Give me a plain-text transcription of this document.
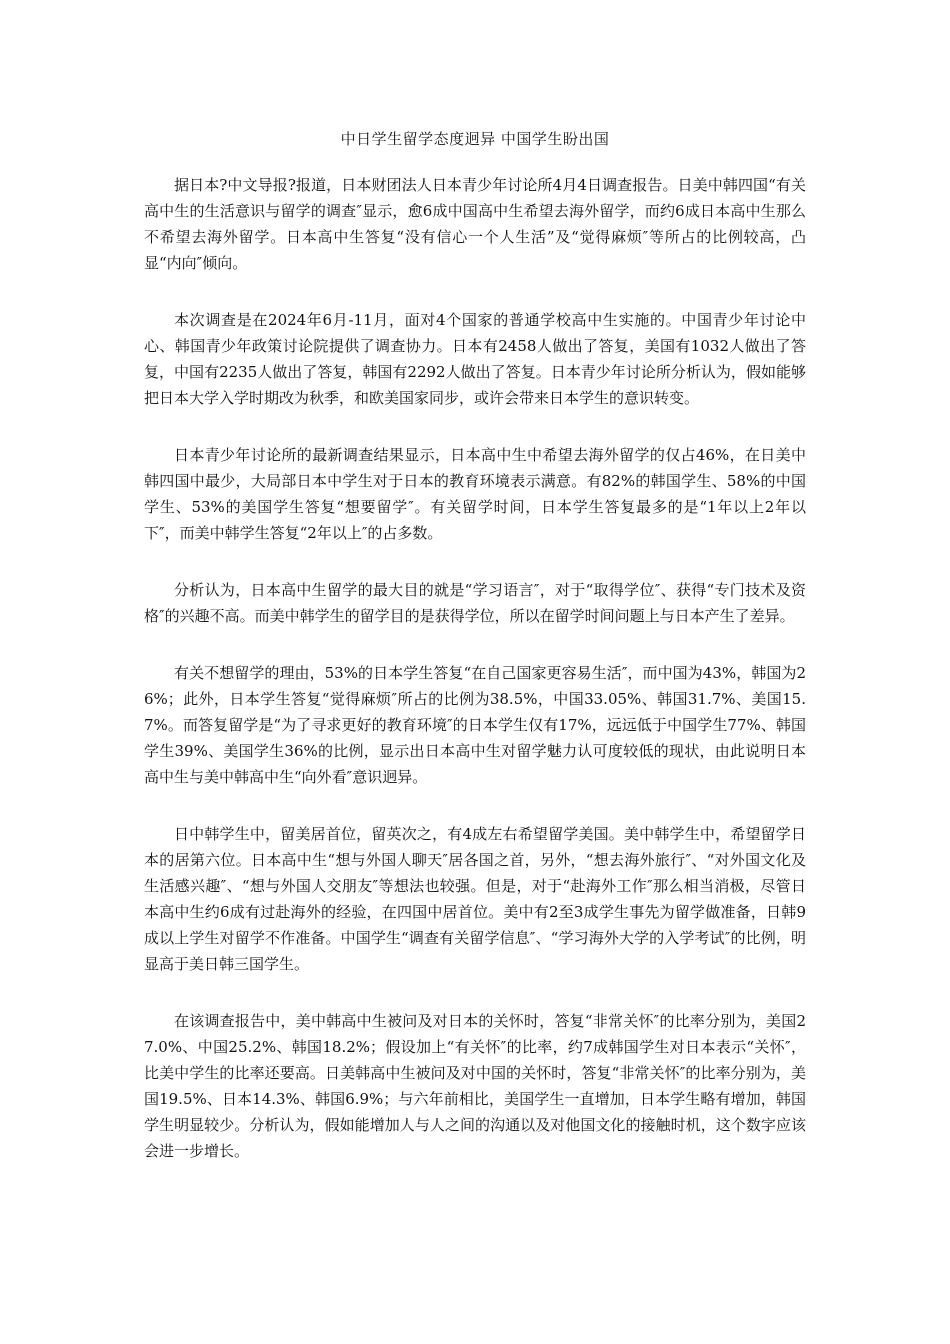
中日学生留学态度迥异 中国学生盼出国

据日本?中文导报?报道，日本财团法人日本青少年讨论所4月4日调查报告。日美中韩四国“有关高中生的生活意识与留学的调查″显示，愈6成中国高中生希望去海外留学，而约6成日本高中生那么不希望去海外留学。日本高中生答复“没有信心一个人生活”及“觉得麻烦″等所占的比例较高，凸显“内向″倾向。

本次调查是在2024年6月-11月，面对4个国家的普通学校高中生实施的。中国青少年讨论中心、韩国青少年政策讨论院提供了调查协力。日本有2458人做出了答复，美国有1032人做出了答复，中国有2235人做出了答复，韩国有2292人做出了答复。日本青少年讨论所分析认为，假如能够把日本大学入学时期改为秋季，和欧美国家同步，或许会带来日本学生的意识转变。

日本青少年讨论所的最新调查结果显示，日本高中生中希望去海外留学的仅占46%，在日美中韩四国中最少，大局部日本中学生对于日本的教育环境表示满意。有82%的韩国学生、58%的中国学生、53%的美国学生答复“想要留学″。有关留学时间，日本学生答复最多的是“1年以上2年以下″，而美中韩学生答复“2年以上″的占多数。

分析认为，日本高中生留学的最大目的就是“学习语言″，对于“取得学位″、获得“专门技术及资格″的兴趣不高。而美中韩学生的留学目的是获得学位，所以在留学时间问题上与日本产生了差异。

有关不想留学的理由，53%的日本学生答复“在自己国家更容易生活″，而中国为43%，韩国为26%；此外，日本学生答复“觉得麻烦″所占的比例为38.5%，中国33.05%、韩国31.7%、美国15.7%。而答复留学是“为了寻求更好的教育环境″的日本学生仅有17%，远远低于中国学生77%、韩国学生39%、美国学生36%的比例，显示出日本高中生对留学魅力认可度较低的现状，由此说明日本高中生与美中韩高中生“向外看″意识迥异。

日中韩学生中，留美居首位，留英次之，有4成左右希望留学美国。美中韩学生中，希望留学日本的居第六位。日本高中生“想与外国人聊天″居各国之首，另外，“想去海外旅行″、“对外国文化及生活感兴趣″、“想与外国人交朋友″等想法也较强。但是，对于“赴海外工作″那么相当消极，尽管日本高中生约6成有过赴海外的经验，在四国中居首位。美中有2至3成学生事先为留学做准备，日韩9成以上学生对留学不作准备。中国学生“调查有关留学信息″、“学习海外大学的入学考试″的比例，明显高于美日韩三国学生。

在该调查报告中，美中韩高中生被问及对日本的关怀时，答复“非常关怀″的比率分别为，美国27.0%、中国25.2%、韩国18.2%；假设加上“有关怀″的比率，约7成韩国学生对日本表示“关怀″，比美中学生的比率还要高。日美韩高中生被问及对中国的关怀时，答复“非常关怀″的比率分别为，美国19.5%、日本14.3%、韩国6.9%；与六年前相比，美国学生一直增加，日本学生略有增加，韩国学生明显较少。分析认为，假如能增加人与人之间的沟通以及对他国文化的接触时机，这个数字应该会进一步增长。
